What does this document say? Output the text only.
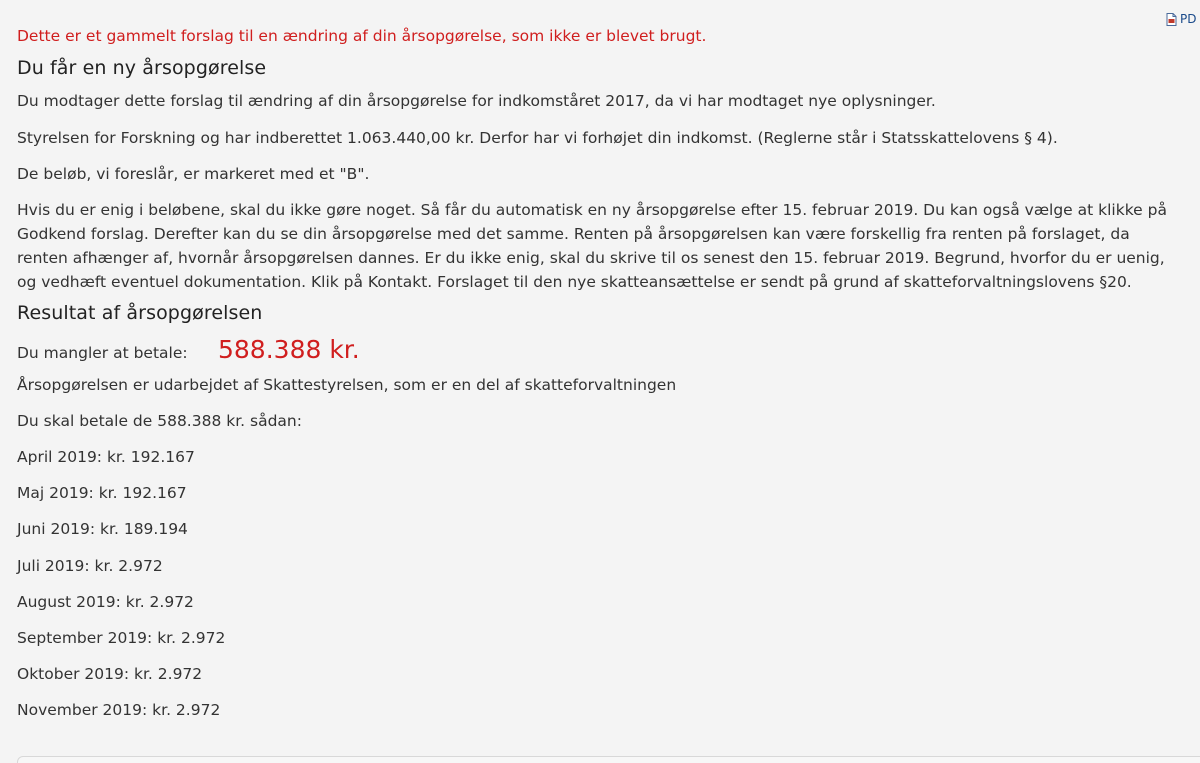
PD
Dette er et gammelt forslag til en ændring af din årsopgørelse, som ikke er blevet brugt.
Du får en ny årsopgørelse

Du modtager dette forslag til ændring af din årsopgørelse for indkomståret 2017, da vi har modtaget nye oplysninger.

Styrelsen for Forskning og har indberettet 1.063.440,00 kr. Derfor har vi forhøjet din indkomst. (Reglerne står i Statsskattelovens § 4).

De beløb, vi foreslår, er markeret med et "B".

Hvis du er enig i beløbene, skal du ikke gøre noget. Så får du automatisk en ny årsopgørelse efter 15. februar 2019. Du kan også vælge at klikke på

Godkend forslag. Derefter kan du se din årsopgørelse med det samme. Renten på årsopgørelsen kan være forskellig fra renten på forslaget, da

renten afhænger af, hvornår årsopgørelsen dannes. Er du ikke enig, skal du skrive til os senest den 15. februar 2019. Begrund, hvorfor du er uenig,

og vedhæft eventuel dokumentation. Klik på Kontakt. Forslaget til den nye skatteansættelse er sendt på grund af skatteforvaltningslovens §20.

Resultat af årsopgørelsen
Du mangler at betale:	588.388 kr.

Årsopgørelsen er udarbejdet af Skattestyrelsen, som er en del af skatteforvaltningen

Du skal betale de 588.388 kr. sådan:

April 2019: kr. 192.167
Maj 2019: kr. 192.167
Juni 2019: kr. 189.194
Juli 2019: kr. 2.972
August 2019: kr. 2.972
September 2019: kr. 2.972
Oktober 2019: kr. 2.972
November 2019: kr. 2.972
